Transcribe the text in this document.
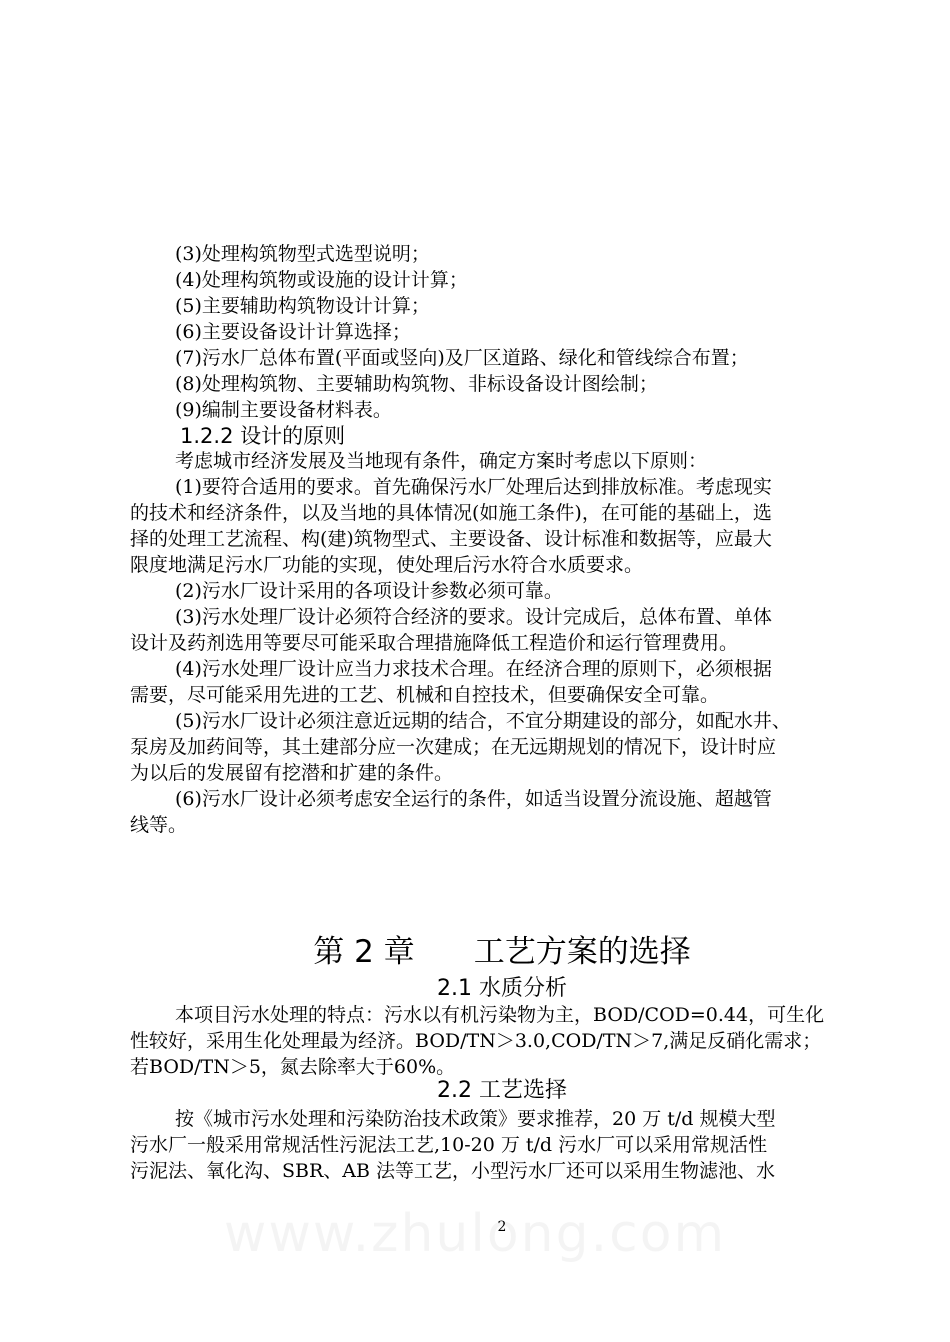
(3)处理构筑物型式选型说明；
(4)处理构筑物或设施的设计计算；
(5)主要辅助构筑物设计计算；
(6)主要设备设计计算选择；
(7)污水厂总体布置(平面或竖向)及厂区道路、绿化和管线综合布置；
(8)处理构筑物、主要辅助构筑物、非标设备设计图绘制；
(9)编制主要设备材料表。
1.2.2 设计的原则
考虑城市经济发展及当地现有条件，确定方案时考虑以下原则：
(1)要符合适用的要求。首先确保污水厂处理后达到排放标准。考虑现实
的技术和经济条件，以及当地的具体情况(如施工条件)，在可能的基础上，选
择的处理工艺流程、构(建)筑物型式、主要设备、设计标准和数据等，应最大
限度地满足污水厂功能的实现，使处理后污水符合水质要求。
(2)污水厂设计采用的各项设计参数必须可靠。
(3)污水处理厂设计必须符合经济的要求。设计完成后，总体布置、单体
设计及药剂选用等要尽可能采取合理措施降低工程造价和运行管理费用。
(4)污水处理厂设计应当力求技术合理。在经济合理的原则下，必须根据
需要，尽可能采用先进的工艺、机械和自控技术，但要确保安全可靠。
(5)污水厂设计必须注意近远期的结合，不宜分期建设的部分，如配水井、
泵房及加药间等，其土建部分应一次建成；在无远期规划的情况下，设计时应
为以后的发展留有挖潜和扩建的条件。
(6)污水厂设计必须考虑安全运行的条件，如适当设置分流设施、超越管
线等。
第 2 章      工艺方案的选择
2.1 水质分析
本项目污水处理的特点：污水以有机污染物为主，BOD/COD=0.44，可生化
性较好，采用生化处理最为经济。BOD/TN＞3.0,COD/TN＞7,满足反硝化需求；
若BOD/TN＞5，氮去除率大于60%。
2.2 工艺选择
按《城市污水处理和污染防治技术政策》要求推荐，20 万 t/d 规模大型
污水厂一般采用常规活性污泥法工艺,10-20 万 t/d 污水厂可以采用常规活性
污泥法、氧化沟、SBR、AB 法等工艺，小型污水厂还可以采用生物滤池、水
2
